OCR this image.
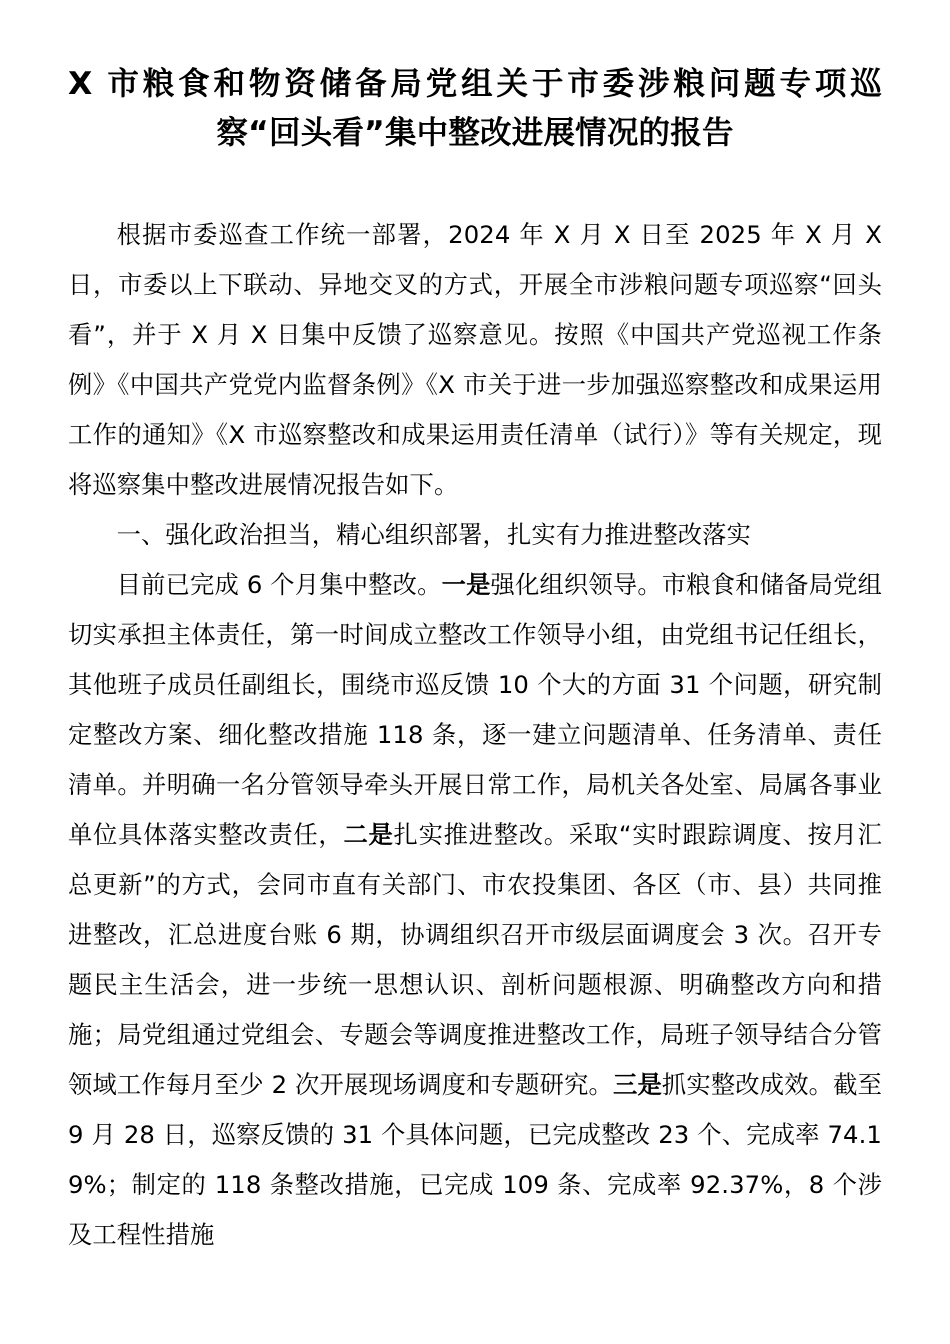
X 市粮食和物资储备局党组关于市委涉粮问题专项巡
察“回头看”集中整改进展情况的报告

根据市委巡查工作统一部署，2024 年 X 月 X 日至 2025 年 X 月 X 日，市委以上下联动、异地交叉的方式，开展全市涉粮问题专项巡察“回头看”，并于 X 月 X 日集中反馈了巡察意见。按照《中国共产党巡视工作条例》《中国共产党党内监督条例》《X 市关于进一步加强巡察整改和成果运用工作的通知》《X 市巡察整改和成果运用责任清单（试行）》等有关规定，现将巡察集中整改进展情况报告如下。

一、强化政治担当，精心组织部署，扎实有力推进整改落实

目前已完成 6 个月集中整改。一是强化组织领导。市粮食和储备局党组切实承担主体责任，第一时间成立整改工作领导小组，由党组书记任组长，其他班子成员任副组长，围绕市巡反馈 10 个大的方面 31 个问题，研究制定整改方案、细化整改措施 118 条，逐一建立问题清单、任务清单、责任清单。并明确一名分管领导牵头开展日常工作，局机关各处室、局属各事业单位具体落实整改责任，二是扎实推进整改。采取“实时跟踪调度、按月汇总更新”的方式，会同市直有关部门、市农投集团、各区（市、县）共同推进整改，汇总进度台账 6 期，协调组织召开市级层面调度会 3 次。召开专题民主生活会，进一步统一思想认识、剖析问题根源、明确整改方向和措施；局党组通过党组会、专题会等调度推进整改工作，局班子领导结合分管领域工作每月至少 2 次开展现场调度和专题研究。三是抓实整改成效。截至 9 月 28 日，巡察反馈的 31 个具体问题，已完成整改 23 个、完成率 74.19%；制定的 118 条整改措施，已完成 109 条、完成率 92.37%，8 个涉及工程性措施
